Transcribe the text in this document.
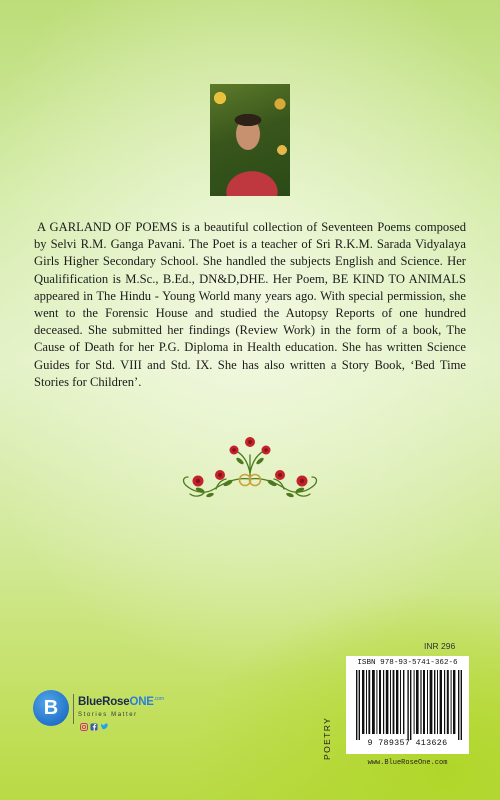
A GARLAND OF POEMS is a beautiful collection of Seventeen Poems composed by Selvi R.M. Ganga Pavani. The Poet is a teacher of Sri R.K.M. Sarada Vidyalaya Girls Higher Secondary School. She handled the subjects English and Science. Her Qualifification is M.Sc., B.Ed., DN&D,DHE. Her Poem, BE KIND TO ANIMALS appeared in The Hindu - Young World many years ago. With special permission, she went to the Forensic House and studied the Autopsy Reports of one hundred deceased. She submitted her findings (Review Work) in the form of a book, The Cause of Death for her P.G. Diploma in Health education. She has written Science Guides for Std. VIII and Std. IX. She has also written a Story Book, ‘Bed Time Stories for Children’.

INR 296
POETRY
ISBN 978-93-5741-362-6
9 789357 413626
www.BlueRoseOne.com
B	BlueRoseONE$^{.com}$
Stories Matter
